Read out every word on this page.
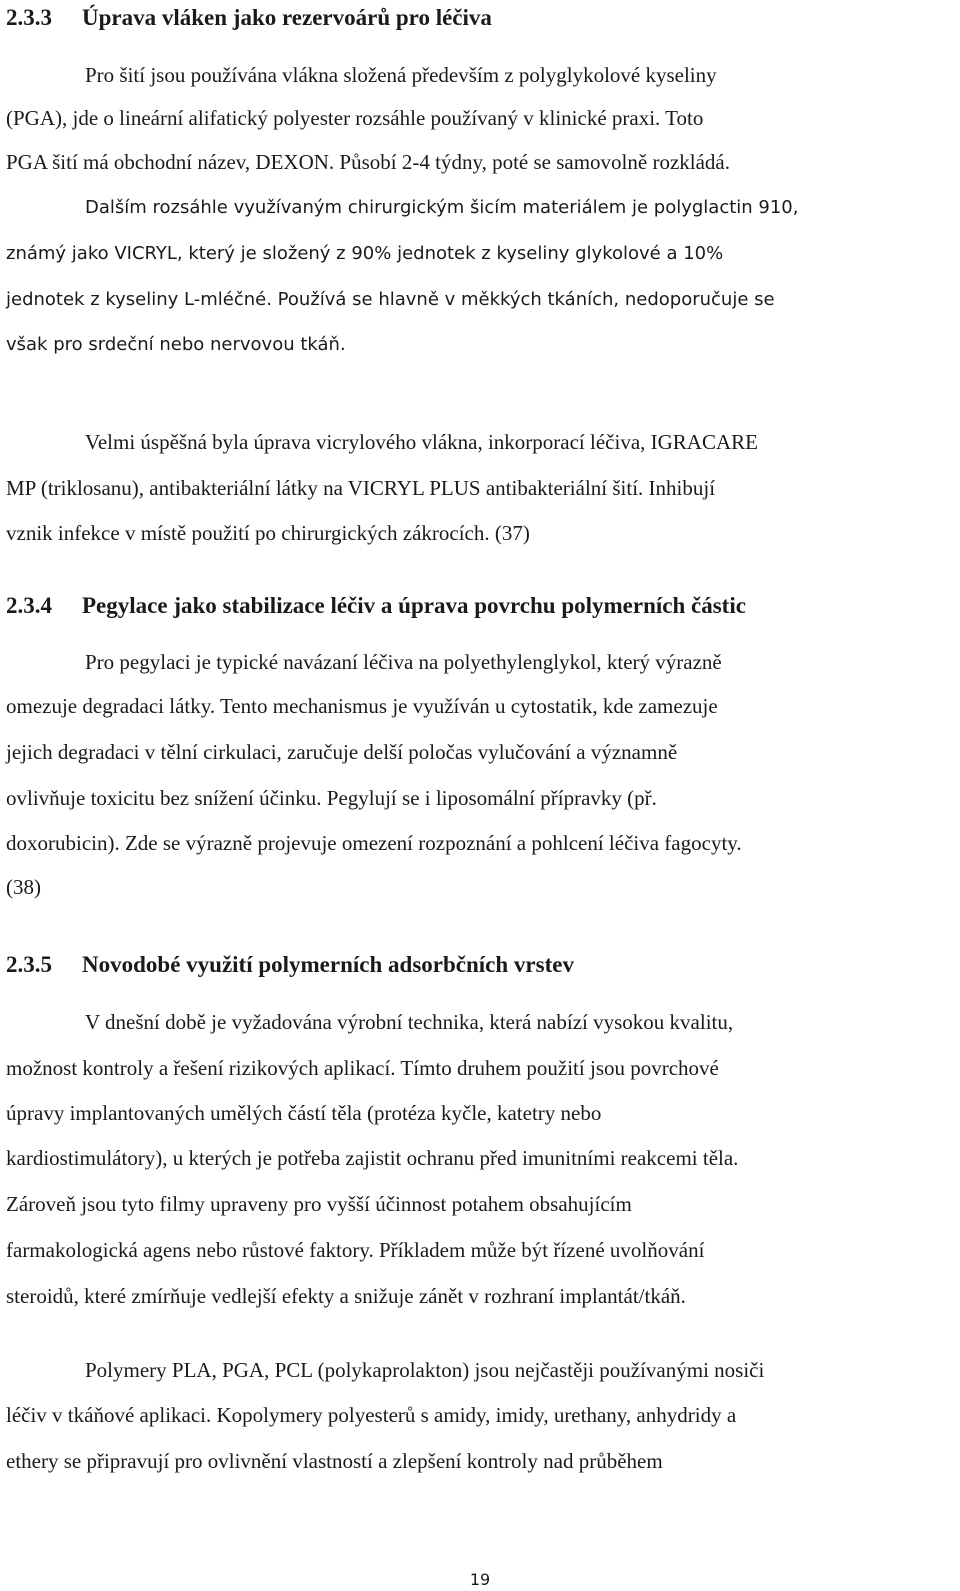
2.3.3 Úprava vláken jako rezervoárů pro léčiva

Pro šití jsou používána vlákna složená především z polyglykolové kyseliny

(PGA), jde o lineární alifatický polyester rozsáhle používaný v klinické praxi. Toto

PGA šití má obchodní název, DEXON. Působí 2-4 týdny, poté se samovolně rozkládá.

Dalším rozsáhle využívaným chirurgickým šicím materiálem je polyglactin 910,

známý jako VICRYL, který je složený z 90% jednotek z kyseliny glykolové a 10%

jednotek z kyseliny L-mléčné. Používá se hlavně v měkkých tkáních, nedoporučuje se

však pro srdeční nebo nervovou tkáň.

Velmi úspěšná byla úprava vicrylového vlákna, inkorporací léčiva, IGRACARE

MP (triklosanu), antibakteriální látky na VICRYL PLUS antibakteriální šití. Inhibují

vznik infekce v místě použití po chirurgických zákrocích. (37)

2.3.4 Pegylace jako stabilizace léčiv a úprava povrchu polymerních částic

Pro pegylaci je typické navázaní léčiva na polyethylenglykol, který výrazně

omezuje degradaci látky. Tento mechanismus je využíván u cytostatik, kde zamezuje

jejich degradaci v tělní cirkulaci, zaručuje delší poločas vylučování a významně

ovlivňuje toxicitu bez snížení účinku. Pegylují se i liposomální přípravky (př.

doxorubicin). Zde se výrazně projevuje omezení rozpoznání a pohlcení léčiva fagocyty.

(38)

2.3.5 Novodobé využití polymerních adsorbčních vrstev

V dnešní době je vyžadována výrobní technika, která nabízí vysokou kvalitu,

možnost kontroly a řešení rizikových aplikací. Tímto druhem použití jsou povrchové

úpravy implantovaných umělých částí těla (protéza kyčle, katetry nebo

kardiostimulátory), u kterých je potřeba zajistit ochranu před imunitními reakcemi těla.

Zároveň jsou tyto filmy upraveny pro vyšší účinnost potahem obsahujícím

farmakologická agens nebo růstové faktory. Příkladem může být řízené uvolňování

steroidů, které zmírňuje vedlejší efekty a snižuje zánět v rozhraní implantát/tkáň.

Polymery PLA, PGA, PCL (polykaprolakton) jsou nejčastěji používanými nosiči

léčiv v tkáňové aplikaci. Kopolymery polyesterů s amidy, imidy, urethany, anhydridy a

ethery se připravují pro ovlivnění vlastností a zlepšení kontroly nad průběhem

19
